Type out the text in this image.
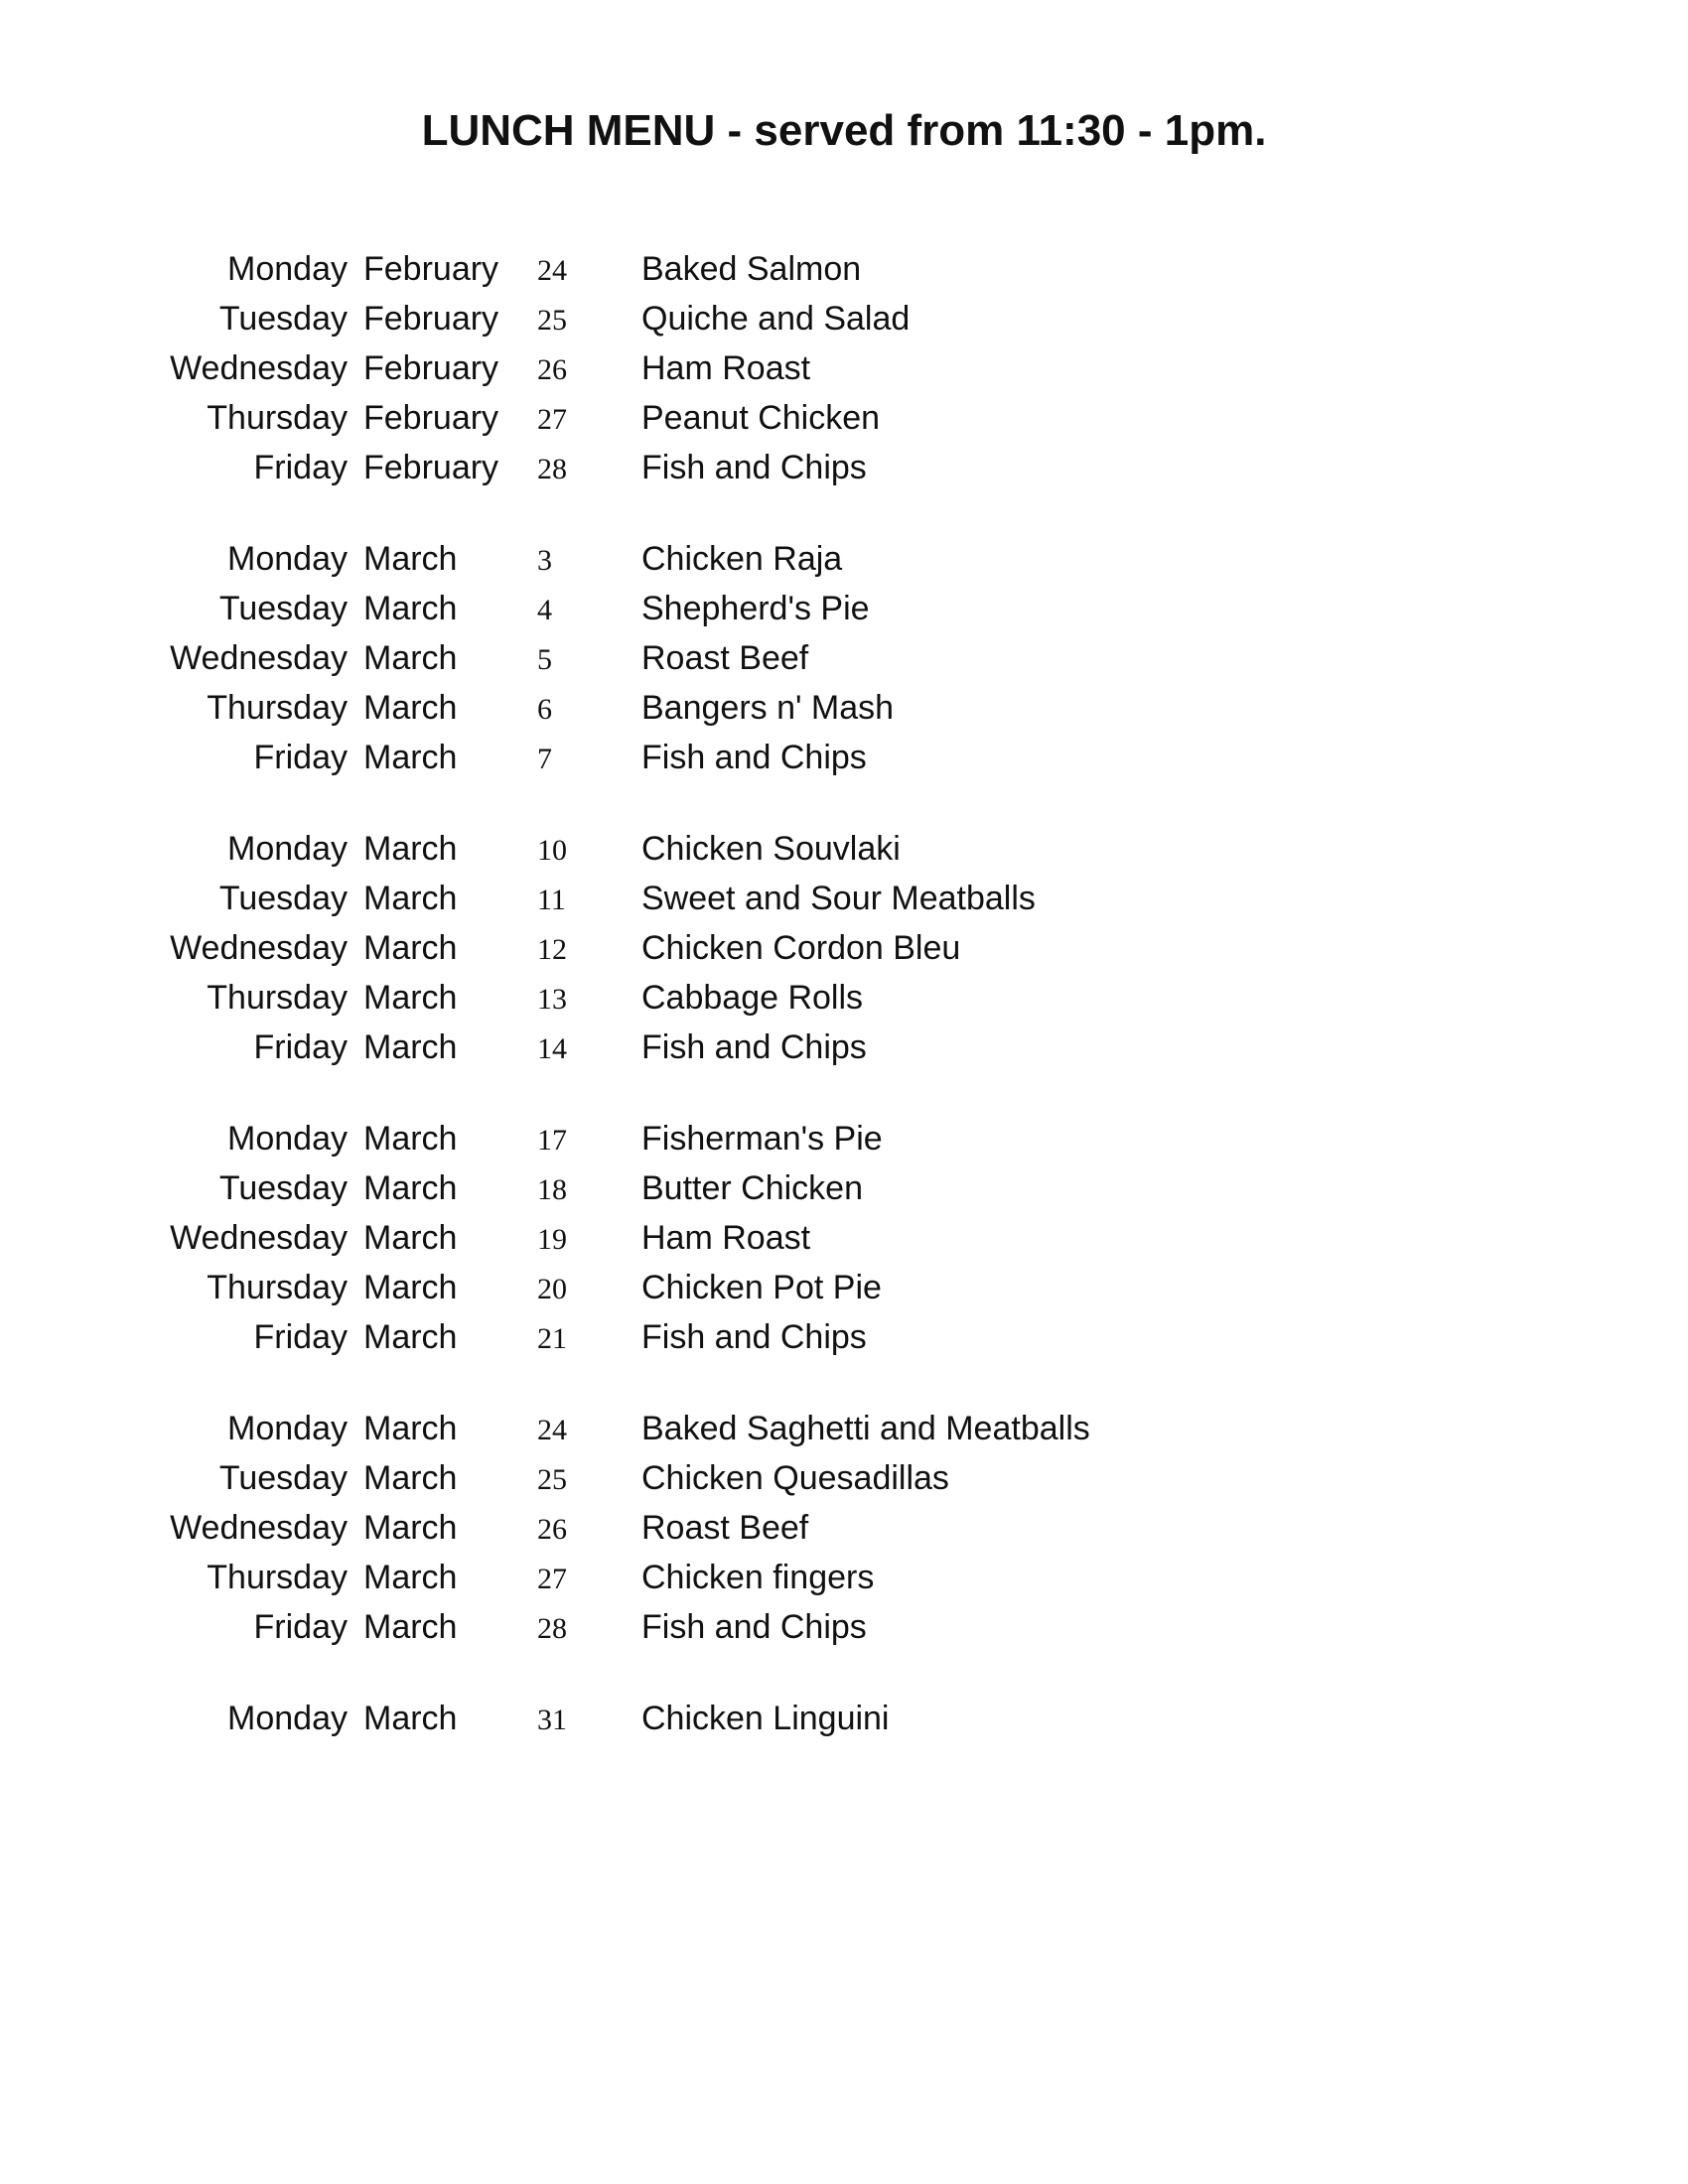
LUNCH MENU - served from 11:30 - 1pm.
Monday February 24 Baked Salmon
Tuesday February 25 Quiche and Salad
Wednesday February 26 Ham Roast
Thursday February 27 Peanut Chicken
Friday February 28 Fish and Chips
Monday March	3	Chicken Raja
Tuesday March	4	Shepherd's Pie
Wednesday March	5	Roast Beef
Thursday March	6	Bangers n' Mash
Friday March	7	Fish and Chips
Monday March	10 Chicken Souvlaki
Tuesday March	11 Sweet and Sour Meatballs
Wednesday March	12 Chicken Cordon Bleu
Thursday March	13 Cabbage Rolls
Friday March	14 Fish and Chips
Monday March	17 Fisherman's Pie
Tuesday March	18 Butter Chicken
Wednesday March	19 Ham Roast
Thursday March	20 Chicken Pot Pie
Friday March	21 Fish and Chips
Monday March	24 Baked Saghetti and Meatballs
Tuesday March	25 Chicken Quesadillas
Wednesday March	26 Roast Beef
Thursday March	27 Chicken fingers
Friday March	28 Fish and Chips
Monday March	31 Chicken Linguini
